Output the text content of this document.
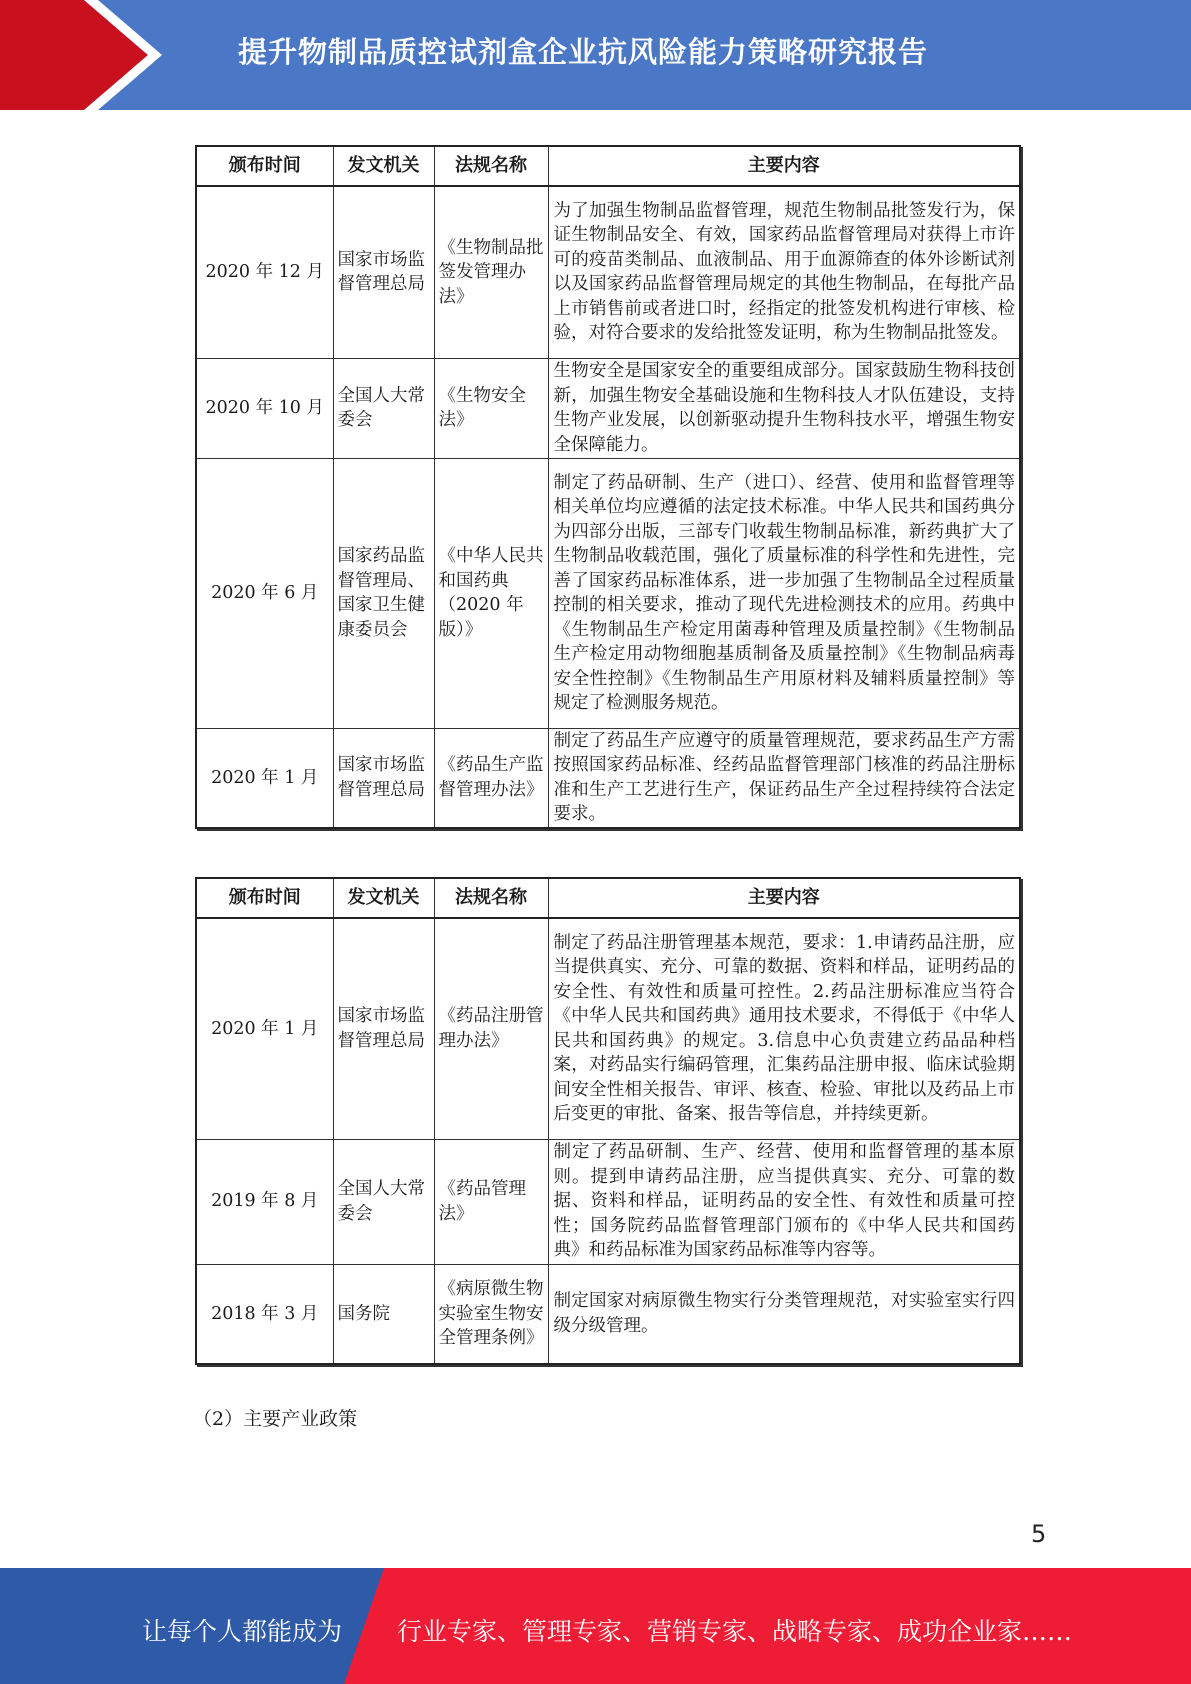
提升物制品质控试剂盒企业抗风险能力策略研究报告
颁布时间	发文机关	法规名称	主要内容
2020 年 12 月	国家市场监督管理总局	《生物制品批签发管理办法》	为了加强生物制品监督管理，规范生物制品批签发行为，保证生物制品安全、有效，国家药品监督管理局对获得上市许可的疫苗类制品、血液制品、用于血源筛查的体外诊断试剂以及国家药品监督管理局规定的其他生物制品，在每批产品上市销售前或者进口时，经指定的批签发机构进行审核、检验，对符合要求的发给批签发证明，称为生物制品批签发。
2020 年 10 月	全国人大常委会	《生物安全法》	生物安全是国家安全的重要组成部分。国家鼓励生物科技创新，加强生物安全基础设施和生物科技人才队伍建设，支持生物产业发展，以创新驱动提升生物科技水平，增强生物安全保障能力。
2020 年 6 月	国家药品监督管理局、国家卫生健康委员会	《中华人民共和国药典（2020 年版）》	制定了药品研制、生产（进口）、经营、使用和监督管理等相关单位均应遵循的法定技术标准。中华人民共和国药典分为四部分出版，三部专门收载生物制品标准，新药典扩大了生物制品收载范围，强化了质量标准的科学性和先进性，完善了国家药品标准体系，进一步加强了生物制品全过程质量控制的相关要求，推动了现代先进检测技术的应用。药典中《生物制品生产检定用菌毒种管理及质量控制》《生物制品生产检定用动物细胞基质制备及质量控制》《生物制品病毒安全性控制》《生物制品生产用原材料及辅料质量控制》等规定了检测服务规范。
2020 年 1 月	国家市场监督管理总局	《药品生产监督管理办法》	制定了药品生产应遵守的质量管理规范，要求药品生产方需按照国家药品标准、经药品监督管理部门核准的药品注册标准和生产工艺进行生产，保证药品生产全过程持续符合法定要求。
颁布时间	发文机关	法规名称	主要内容
2020 年 1 月	国家市场监督管理总局	《药品注册管理办法》	制定了药品注册管理基本规范，要求：1.申请药品注册，应当提供真实、充分、可靠的数据、资料和样品，证明药品的安全性、有效性和质量可控性。2.药品注册标准应当符合《中华人民共和国药典》通用技术要求，不得低于《中华人民共和国药典》的规定。3.信息中心负责建立药品品种档案，对药品实行编码管理，汇集药品注册申报、临床试验期间安全性相关报告、审评、核查、检验、审批以及药品上市后变更的审批、备案、报告等信息，并持续更新。
2019 年 8 月	全国人大常委会	《药品管理法》	制定了药品研制、生产、经营、使用和监督管理的基本原则。提到申请药品注册，应当提供真实、充分、可靠的数据、资料和样品，证明药品的安全性、有效性和质量可控性；国务院药品监督管理部门颁布的《中华人民共和国药典》和药品标准为国家药品标准等内容等。
2018 年 3 月	国务院	《病原微生物实验室生物安全管理条例》	制定国家对病原微生物实行分类管理规范，对实验室实行四级分级管理。
（2）主要产业政策
5
让每个人都能成为 行业专家、管理专家、营销专家、战略专家、成功企业家……
